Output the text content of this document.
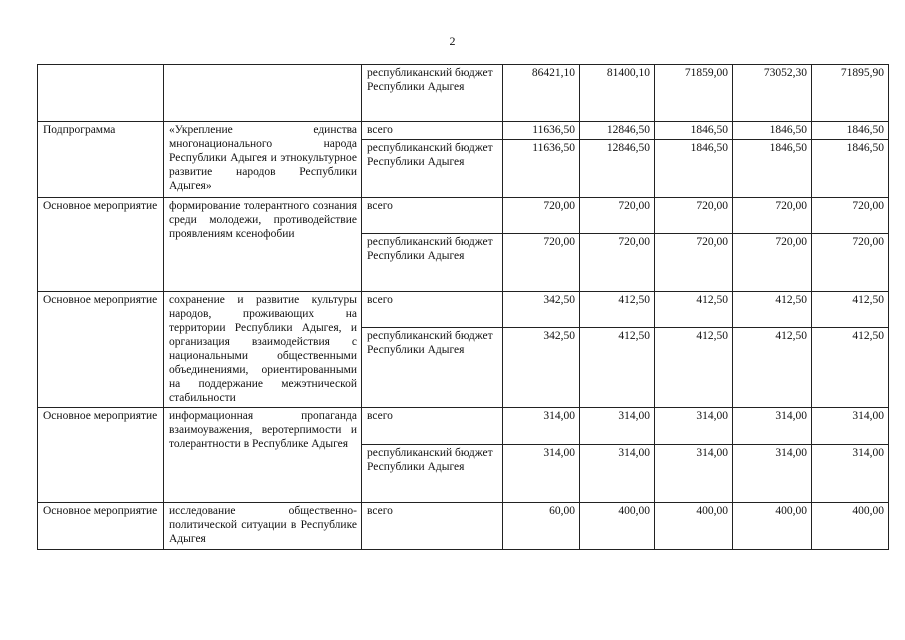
2
		республиканский бюджет Республики Адыгея	86421,10	81400,10	71859,00	73052,30	71895,90
Подпрограмма	«Укрепление единства многонационального народа Республики Адыгея и этнокультурное развитие народов Республики Адыгея»	всего	11636,50	12846,50	1846,50	1846,50	1846,50
		республиканский бюджет Республики Адыгея	11636,50	12846,50	1846,50	1846,50	1846,50
Основное мероприятие	формирование толерантного сознания среди молодежи, противодействие проявлениям ксенофобии	всего	720,00	720,00	720,00	720,00	720,00
		республиканский бюджет Республики Адыгея	720,00	720,00	720,00	720,00	720,00
Основное мероприятие	сохранение и развитие культуры народов, проживающих на территории Республики Адыгея, и организация взаимодействия с национальными общественными объединениями, ориентированными на поддержание межэтнической стабильности	всего	342,50	412,50	412,50	412,50	412,50
		республиканский бюджет Республики Адыгея	342,50	412,50	412,50	412,50	412,50
Основное мероприятие	информационная пропаганда взаимоуважения, веротерпимости и толерантности в Республике Адыгея	всего	314,00	314,00	314,00	314,00	314,00
		республиканский бюджет Республики Адыгея	314,00	314,00	314,00	314,00	314,00
Основное мероприятие	исследование общественно-политической ситуации в Республике Адыгея	всего	60,00	400,00	400,00	400,00	400,00
